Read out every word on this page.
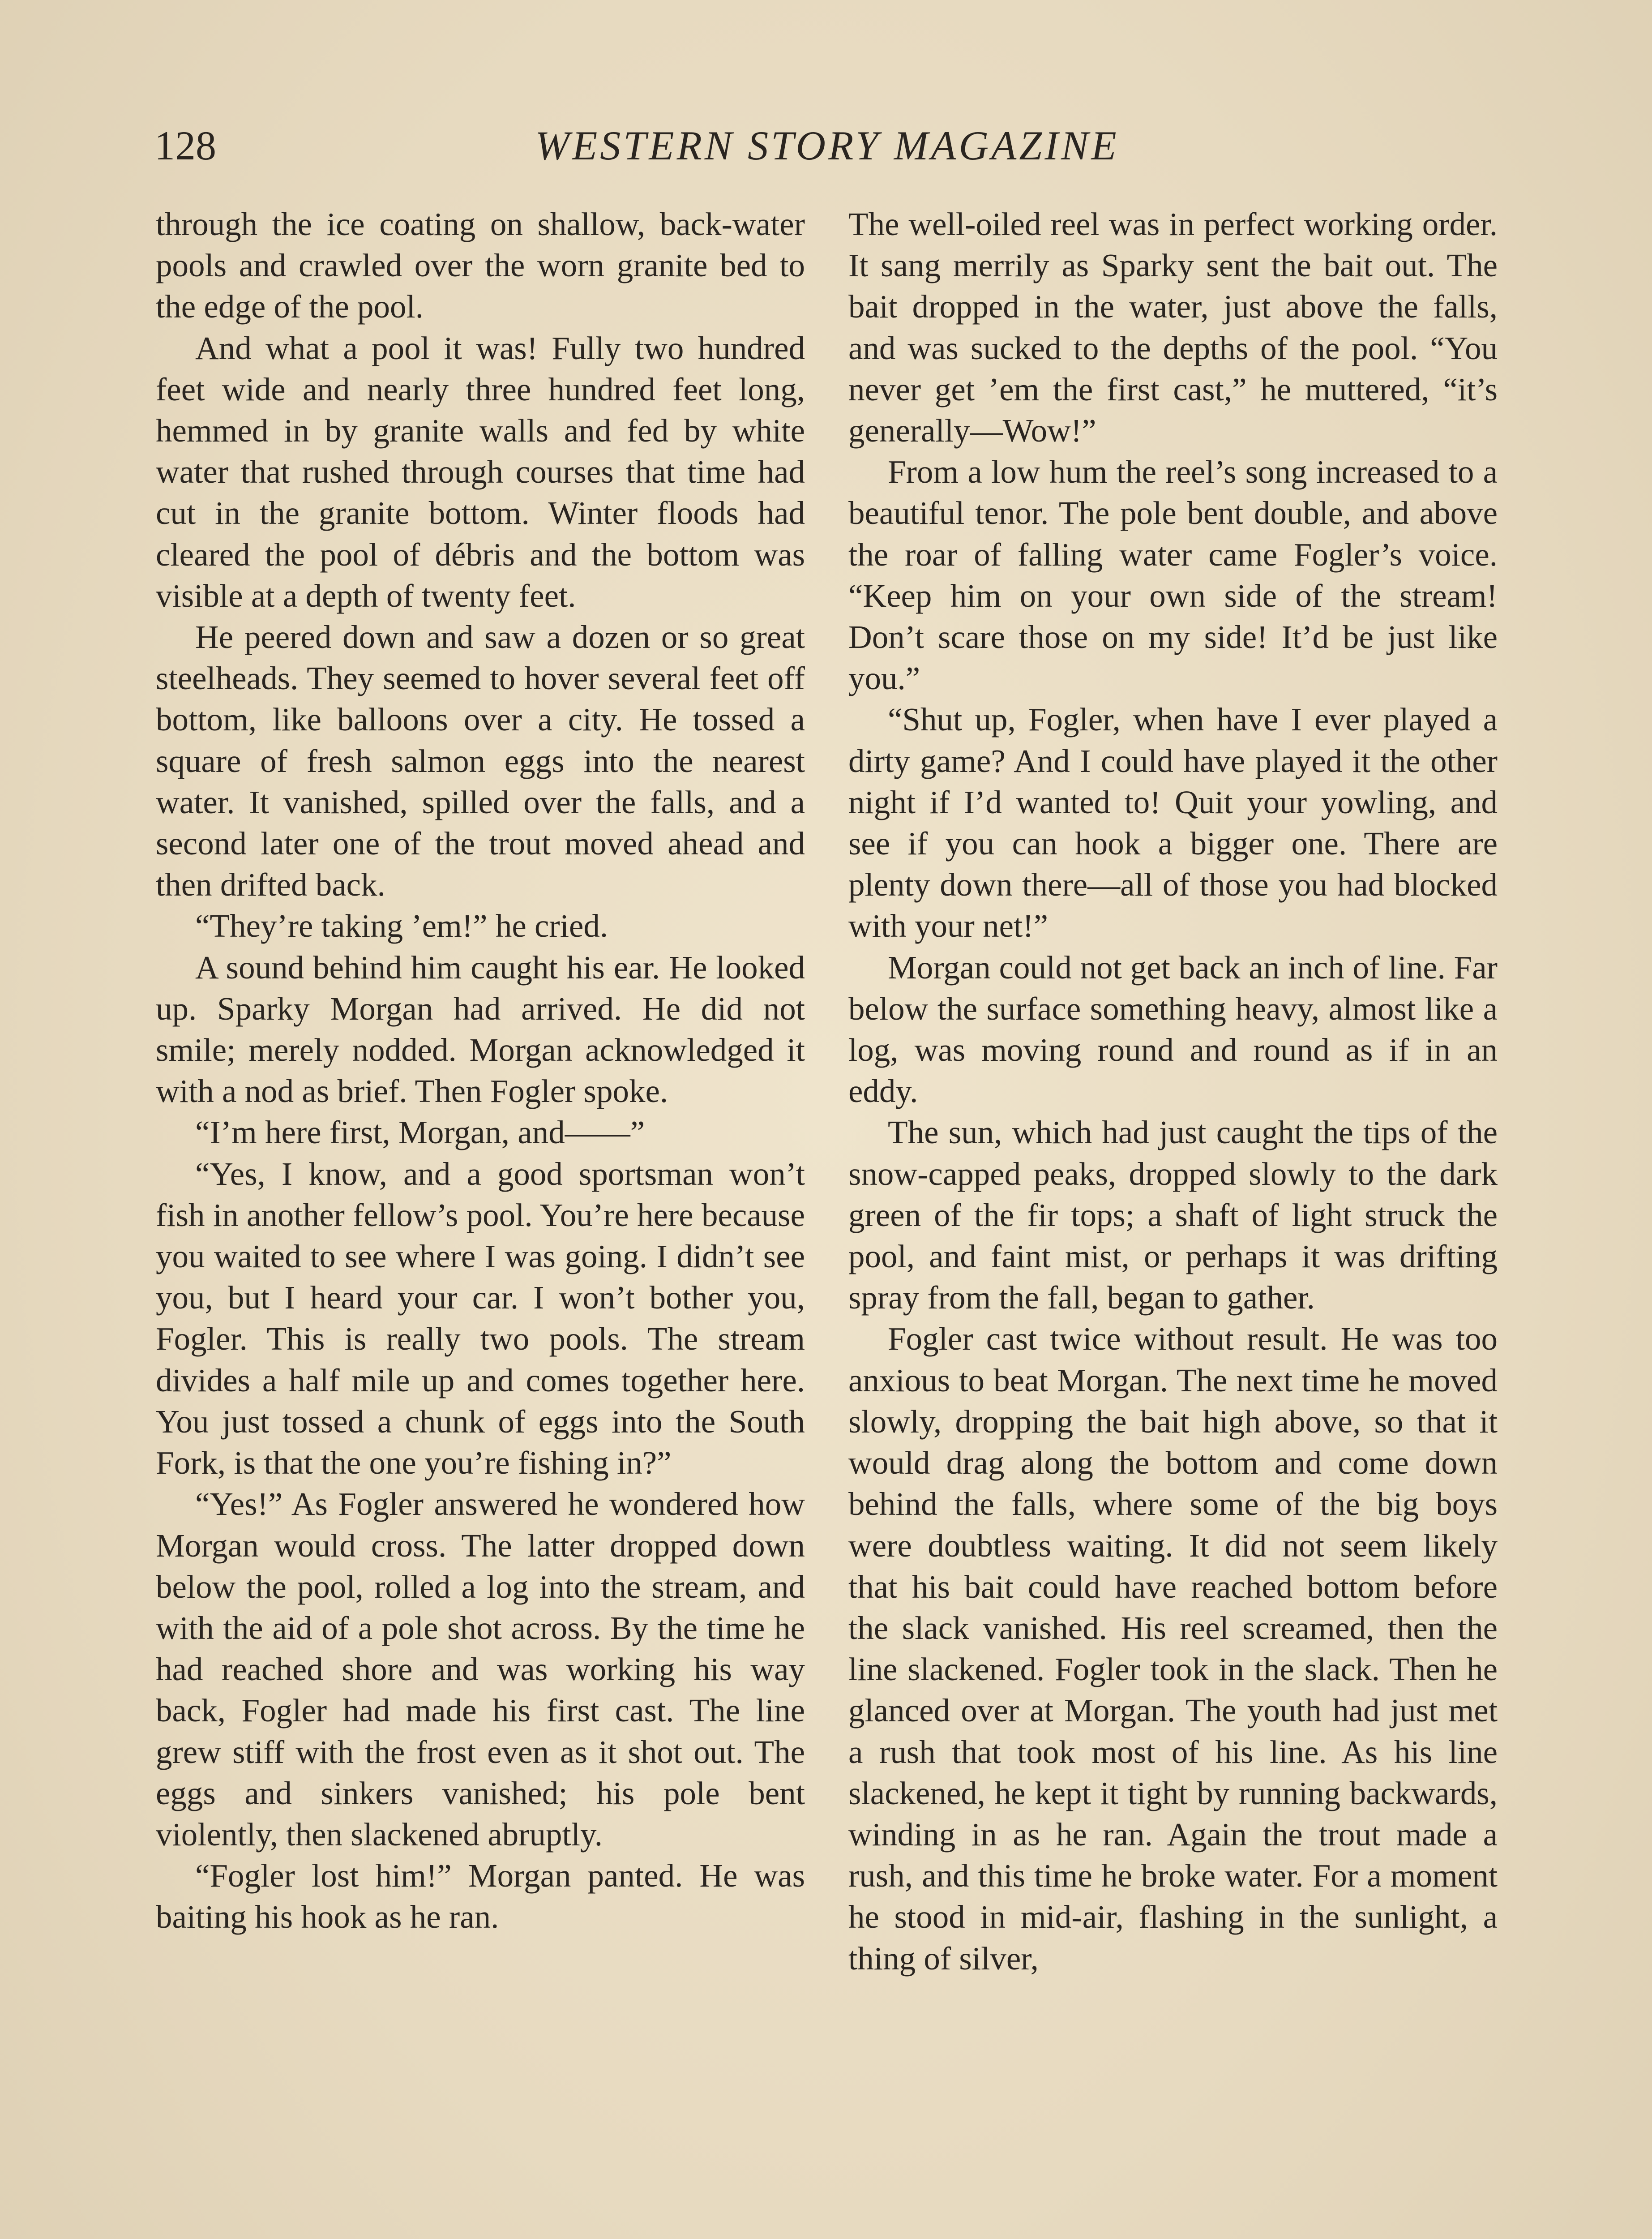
128	WESTERN STORY MAGAZINE

through the ice coating on shallow, back-water pools and crawled over the worn granite bed to the edge of the pool.

And what a pool it was! Fully two hundred feet wide and nearly three hundred feet long, hemmed in by granite walls and fed by white water that rushed through courses that time had cut in the granite bottom. Winter floods had cleared the pool of débris and the bottom was visible at a depth of twenty feet.

He peered down and saw a dozen or so great steelheads. They seemed to hover several feet off bottom, like balloons over a city. He tossed a square of fresh salmon eggs into the nearest water. It vanished, spilled over the falls, and a second later one of the trout moved ahead and then drifted back.

“They’re taking ’em!” he cried.

A sound behind him caught his ear. He looked up. Sparky Morgan had arrived. He did not smile; merely nodded. Morgan acknowledged it with a nod as brief. Then Fogler spoke.

“I’m here first, Morgan, and——”

“Yes, I know, and a good sportsman won’t fish in another fellow’s pool. You’re here because you waited to see where I was going. I didn’t see you, but I heard your car. I won’t bother you, Fogler. This is really two pools. The stream divides a half mile up and comes together here. You just tossed a chunk of eggs into the South Fork, is that the one you’re fishing in?”

“Yes!” As Fogler answered he wondered how Morgan would cross. The latter dropped down below the pool, rolled a log into the stream, and with the aid of a pole shot across. By the time he had reached shore and was working his way back, Fogler had made his first cast. The line grew stiff with the frost even as it shot out. The eggs and sinkers vanished; his pole bent violently, then slackened abruptly.

“Fogler lost him!” Morgan panted. He was baiting his hook as he ran.

The well-oiled reel was in perfect working order. It sang merrily as Sparky sent the bait out. The bait dropped in the water, just above the falls, and was sucked to the depths of the pool. “You never get ’em the first cast,” he muttered, “it’s generally—Wow!”

From a low hum the reel’s song increased to a beautiful tenor. The pole bent double, and above the roar of falling water came Fogler’s voice. “Keep him on your own side of the stream! Don’t scare those on my side! It’d be just like you.”

“Shut up, Fogler, when have I ever played a dirty game? And I could have played it the other night if I’d wanted to! Quit your yowling, and see if you can hook a bigger one. There are plenty down there—all of those you had blocked with your net!”

Morgan could not get back an inch of line. Far below the surface something heavy, almost like a log, was moving round and round as if in an eddy.

The sun, which had just caught the tips of the snow-capped peaks, dropped slowly to the dark green of the fir tops; a shaft of light struck the pool, and faint mist, or perhaps it was drifting spray from the fall, began to gather.

Fogler cast twice without result. He was too anxious to beat Morgan. The next time he moved slowly, dropping the bait high above, so that it would drag along the bottom and come down behind the falls, where some of the big boys were doubtless waiting. It did not seem likely that his bait could have reached bottom before the slack vanished. His reel screamed, then the line slackened. Fogler took in the slack. Then he glanced over at Morgan. The youth had just met a rush that took most of his line. As his line slackened, he kept it tight by running backwards, winding in as he ran. Again the trout made a rush, and this time he broke water. For a moment he stood in mid-air, flashing in the sunlight, a thing of silver,
